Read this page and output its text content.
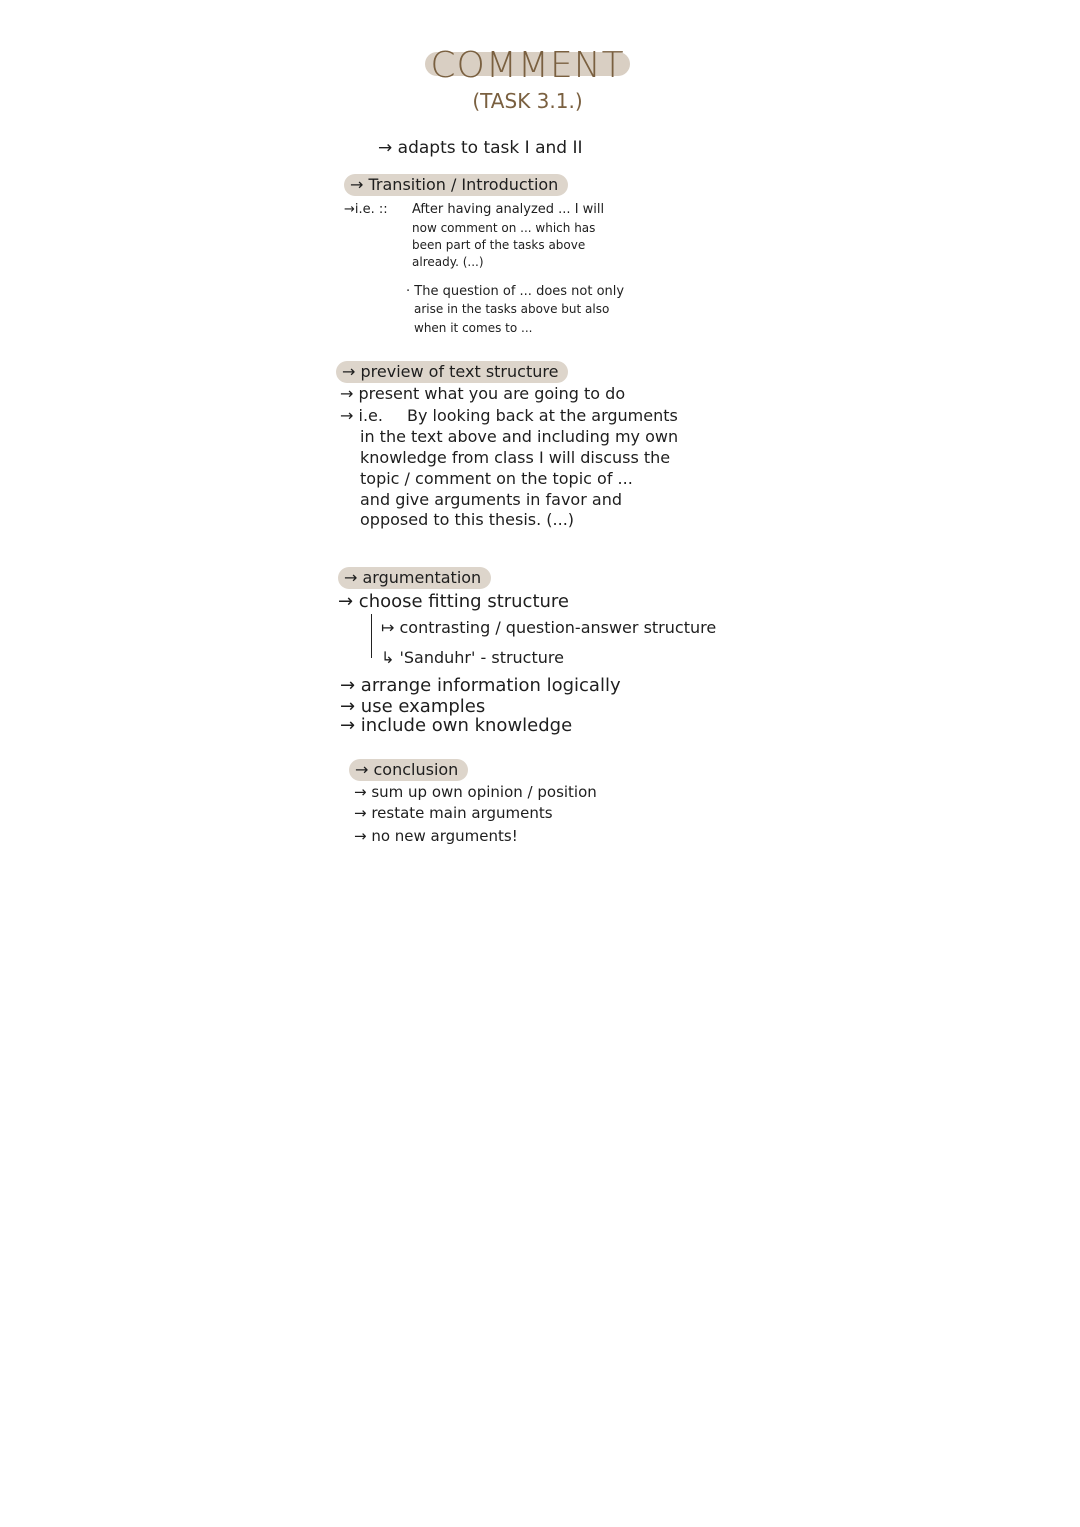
COMMENT
(TASK 3.1.)
→ adapts to task I and II
→ Transition / Introduction
→i.e. :: After having analyzed ... I will
now comment on ... which has
been part of the tasks above
already. (...)
· The question of ... does not only
arise in the tasks above but also
when it comes to ...
→ preview of text structure
→ present what you are going to do
→ i.e. By looking back at the arguments
in the text above and including my own
knowledge from class I will discuss the
topic / comment on the topic of ...
and give arguments in favor and
opposed to this thesis. (...)
→ argumentation
→ choose fitting structure
↦ contrasting / question-answer structure
↳ 'Sanduhr' - structure
→ arrange information logically
→ use examples
→ include own knowledge
→ conclusion
→ sum up own opinion / position
→ restate main arguments
→ no new arguments!
